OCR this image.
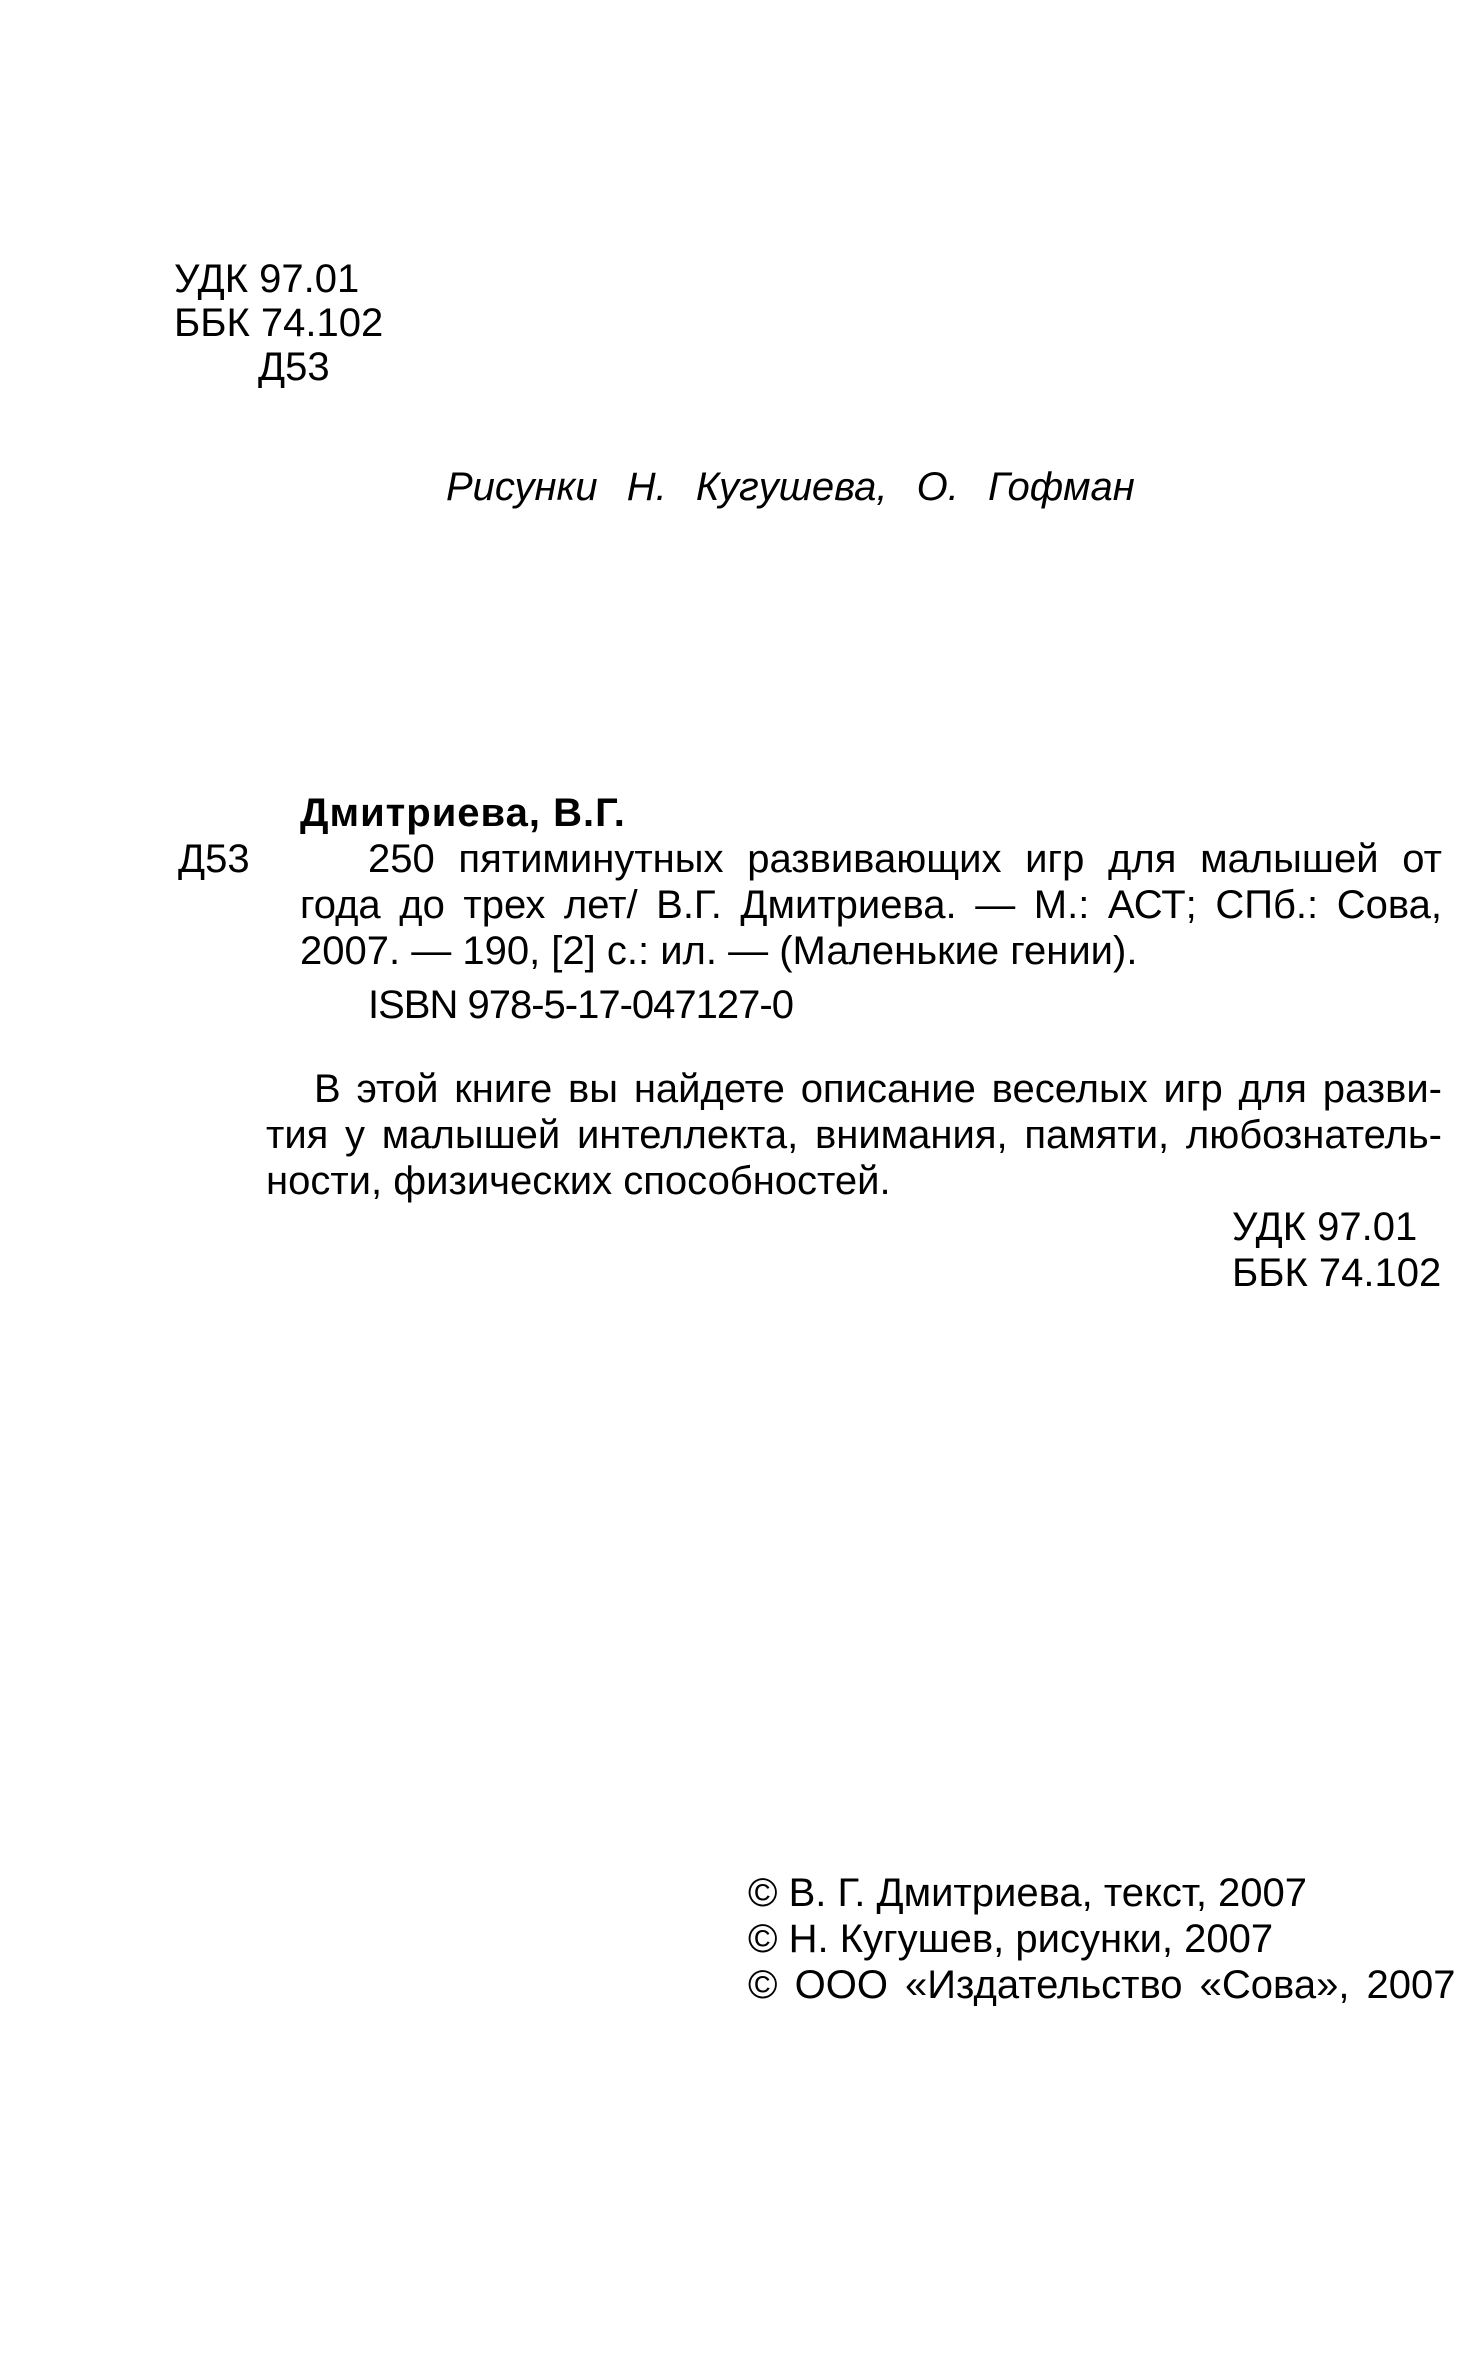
УДК 97.01
ББК 74.102
Д53
Рисунки Н. Кугушева, О. Гофман
Дмитриева, В.Г.
Д53	250 пятиминутных развивающих игр для малышей от
года до трех лет/ В.Г. Дмитриева. — М.: АСТ; СПб.: Сова,
2007. — 190, [2] с.: ил. — (Маленькие гении).
ISBN 978-5-17-047127-0
В этой книге вы найдете описание веселых игр для разви-
тия у малышей интеллекта, внимания, памяти, любознатель-
ности, физических способностей.
УДК 97.01
ББК 74.102
© В. Г. Дмитриева, текст, 2007
© Н. Кугушев, рисунки, 2007
© ООО «Издательство «Сова», 2007
